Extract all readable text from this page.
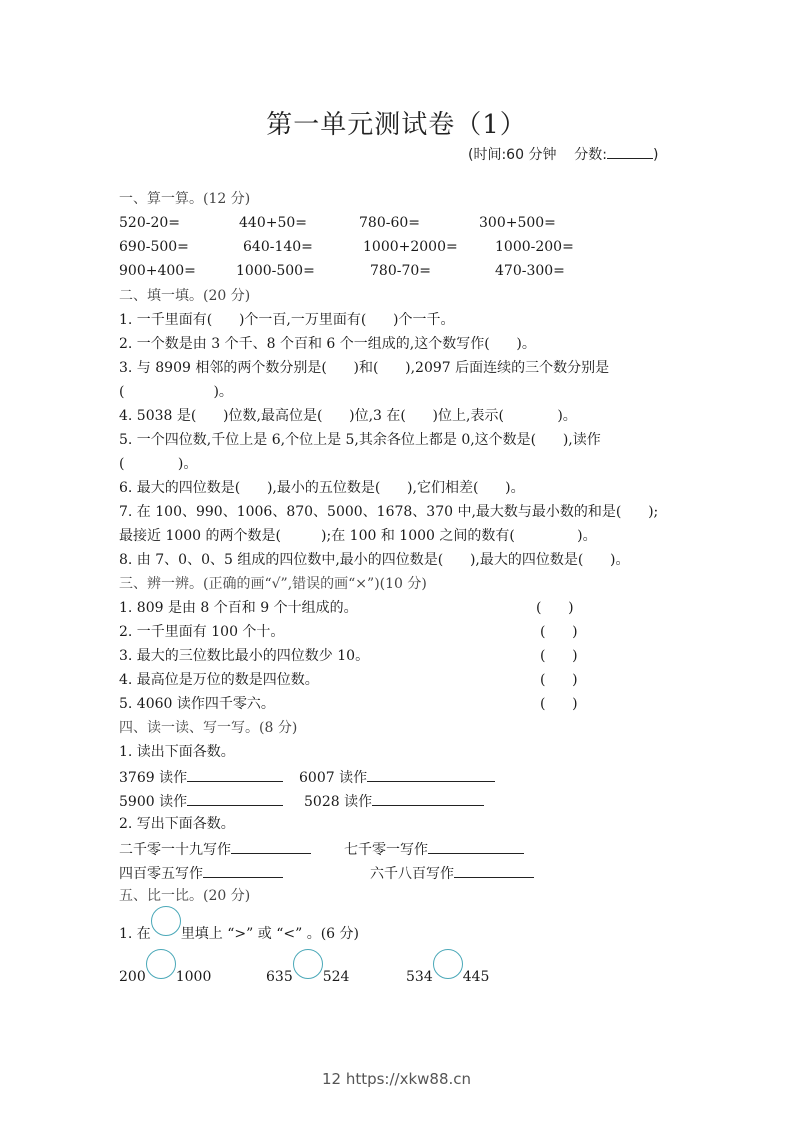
第一单元测试卷（1）
(时间:60 分钟 分数:	)
一、算一算。(12 分)
520-20=	440+50=	780-60=	300+500=
690-500=	640-140=	1000+2000=	1000-200=
900+400=	1000-500=	780-70=	470-300=
二、填一填。(20 分)
1. 一千里面有(      )个一百,一万里面有(      )个一千。
2. 一个数是由 3 个千、8 个百和 6 个一组成的,这个数写作(      )。
3. 与 8909 相邻的两个数分别是(      )和(      ),2097 后面连续的三个数分别是
(                    )。
4. 5038 是(      )位数,最高位是(      )位,3 在(      )位上,表示(            )。
5. 一个四位数,千位上是 6,个位上是 5,其余各位上都是 0,这个数是(      ),读作
(            )。
6. 最大的四位数是(      ),最小的五位数是(      ),它们相差(      )。
7. 在 100、990、1006、870、5000、1678、370 中,最大数与最小数的和是(      );
最接近 1000 的两个数是(         );在 100 和 1000 之间的数有(              )。
8. 由 7、0、0、5 组成的四位数中,最小的四位数是(      ),最大的四位数是(      )。
三、辨一辨。(正确的画“√”,错误的画“×”)(10 分)
1. 809 是由 8 个百和 9 个十组成的。	(      )
2. 一千里面有 100 个十。	(      )
3. 最大的三位数比最小的四位数少 10。	(      )
4. 最高位是万位的数是四位数。	(      )
5. 4060 读作四千零六。	(      )
四、读一读、写一写。(8 分)
1. 读出下面各数。
3769 读作	6007 读作
5900 读作	5028 读作
2. 写出下面各数。
二千零一十九写作	七千零一写作
四百零五写作	六千八百写作
五、比一比。(20 分)
1. 在 里填上 “>” 或 “<” 。(6 分)
200 1000	635 524	534 445
12 https://xkw88.cn
